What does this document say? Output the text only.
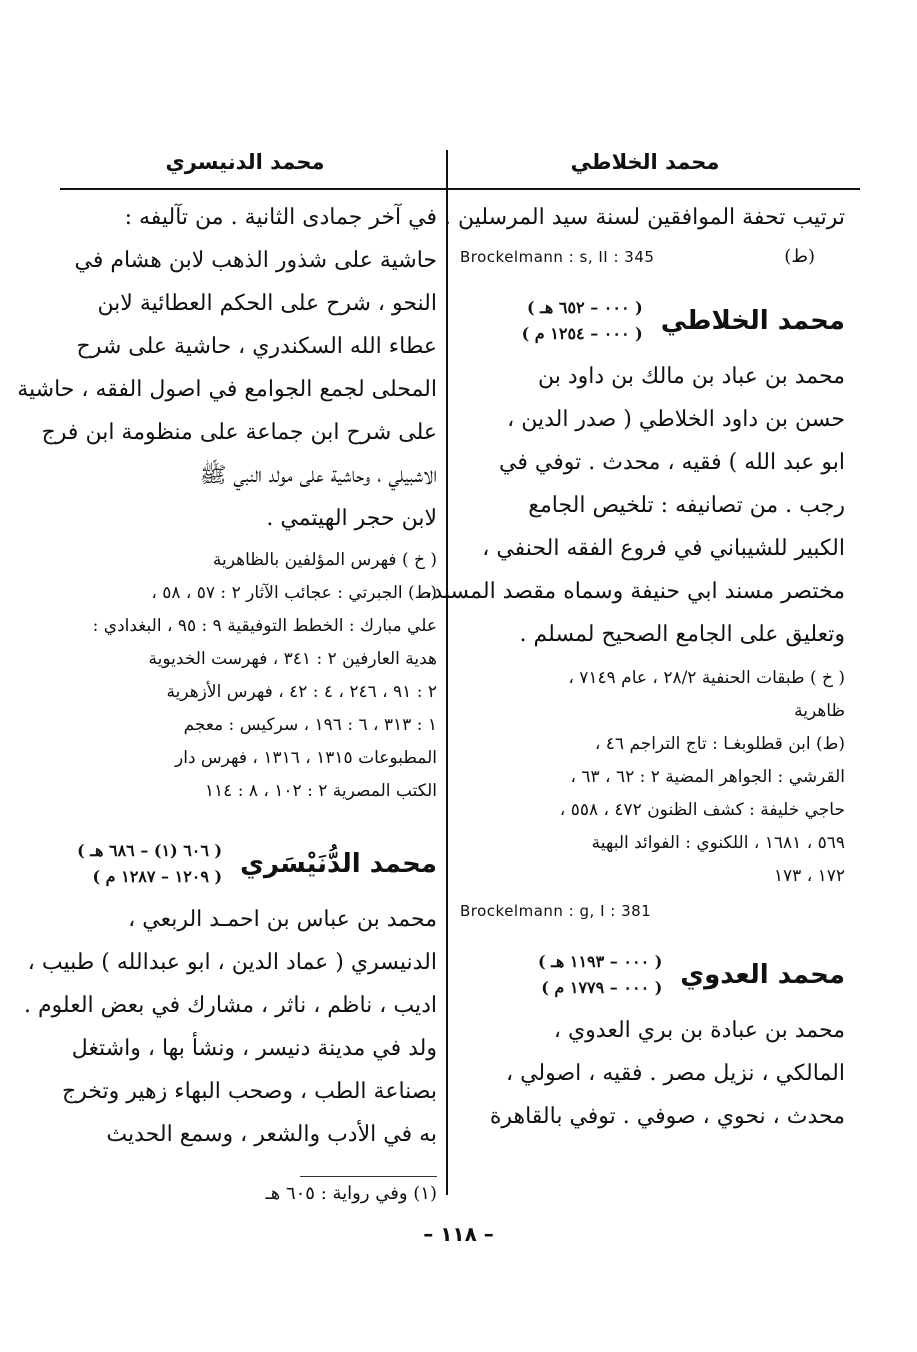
محمد الخلاطي
محمد الدنيسري
ترتيب تحفة الموافقين لسنة سيد المرسلين .
Brockelmann : s, II : 345	(ط)
محمد الخلاطي
( ٠٠٠ – ٦٥٢ هـ )
( ٠٠٠ – ١٢٥٤ م )
محمد بن عباد بن مالك بن داود بن
حسن بن داود الخلاطي ( صدر الدين ،
ابو عبد الله ) فقيه ، محدث . توفي في
رجب . من تصانيفه : تلخيص الجامع
الكبير للشيباني في فروع الفقه الحنفي ،
مختصر مسند ابي حنيفة وسماه مقصد المسند،
وتعليق على الجامع الصحيح لمسلم .
( خ ) طبقات الحنفية ٢٨/٢ ، عام ٧١٤٩ ،
ظاهرية
(ط) ابن قطلوبغـا : تاج التراجم ٤٦ ،
القرشي : الجواهر المضية ٢ : ٦٢ ، ٦٣ ،
حاجي خليفة : كشف الظنون ٤٧٢ ، ٥٥٨ ،
٥٦٩ ، ١٦٨١ ، اللكنوي : الفوائد البهية
١٧٢ ، ١٧٣
Brockelmann : g, I : 381
محمد العدوي
( ٠٠٠ – ١١٩٣ هـ )
( ٠٠٠ – ١٧٧٩ م )
محمد بن عبادة بن بري العدوي ،
المالكي ، نزيل مصر . فقيه ، اصولي ،
محدث ، نحوي ، صوفي . توفي بالقاهرة
في آخر جمادى الثانية . من تآليفه :
حاشية على شذور الذهب لابن هشام في
النحو ، شرح على الحكم العطائية لابن
عطاء الله السكندري ، حاشية على شرح
المحلى لجمع الجوامع في اصول الفقه ، حاشية
على شرح ابن جماعة على منظومة ابن فرج
الاشبيلي ، وحاشية على مولد النبي ﷺ
لابن حجر الهيتمي .
( خ ) فهرس المؤلفين بالظاهرية
(ط) الجبرتي : عجائب الآثار ٢ : ٥٧ ، ٥٨ ،
علي مبارك : الخطط التوفيقية ٩ : ٩٥ ، البغدادي :
هدية العارفين ٢ : ٣٤١ ، فهرست الخديوية
٢ : ٩١ ، ٢٤٦ ، ٤ : ٤٢ ، فهرس الأزهرية
١ : ٣١٣ ، ٦ : ١٩٦ ، سركيس : معجم
المطبوعات ١٣١٥ ، ١٣١٦ ، فهرس دار
الكتب المصرية ٢ : ١٠٢ ، ٨ : ١١٤
محمد الدُّنَيْسَري
( ٦٠٦ (١) – ٦٨٦ هـ )
( ١٢٠٩ – ١٢٨٧ م )
محمد بن عباس بن احمـد الربعي ،
الدنيسري ( عماد الدين ، ابو عبدالله ) طبيب ،
اديب ، ناظم ، ناثر ، مشارك في بعض العلوم .
ولد في مدينة دنيسر ، ونشأ بها ، واشتغل
بصناعة الطب ، وصحب البهاء زهير وتخرج
به في الأدب والشعر ، وسمع الحديث
(١) وفي رواية : ٦٠٥ هـ
– ١١٨ –
